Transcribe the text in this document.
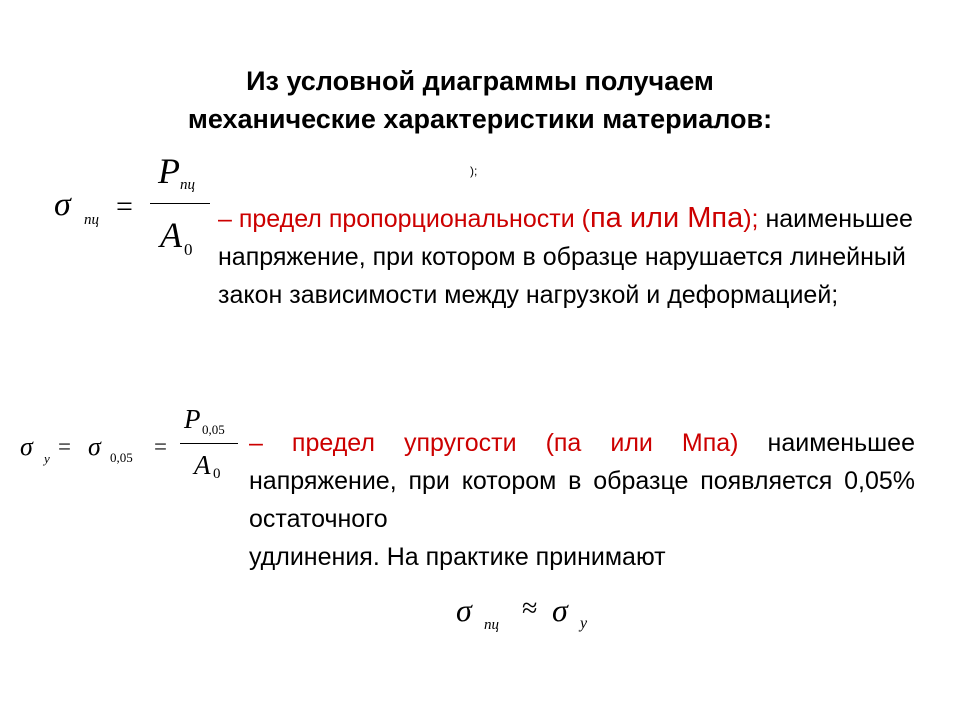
Из условной диаграммы получаем
механические характеристики материалов:
);
σ пц =
P пц
A 0
– предел пропорциональности (па или Мпа); наименьшее напряжение, при котором в образце нарушается линейный закон зависимости между нагрузкой и деформацией;
σ y = σ 0,05 =
P 0,05
A 0
– предел упругости (па или Мпа) наименьшее напряжение, при котором в образце появляется 0,05% остаточного
удлинения. На практике принимают
σ пц
≈ σ y
